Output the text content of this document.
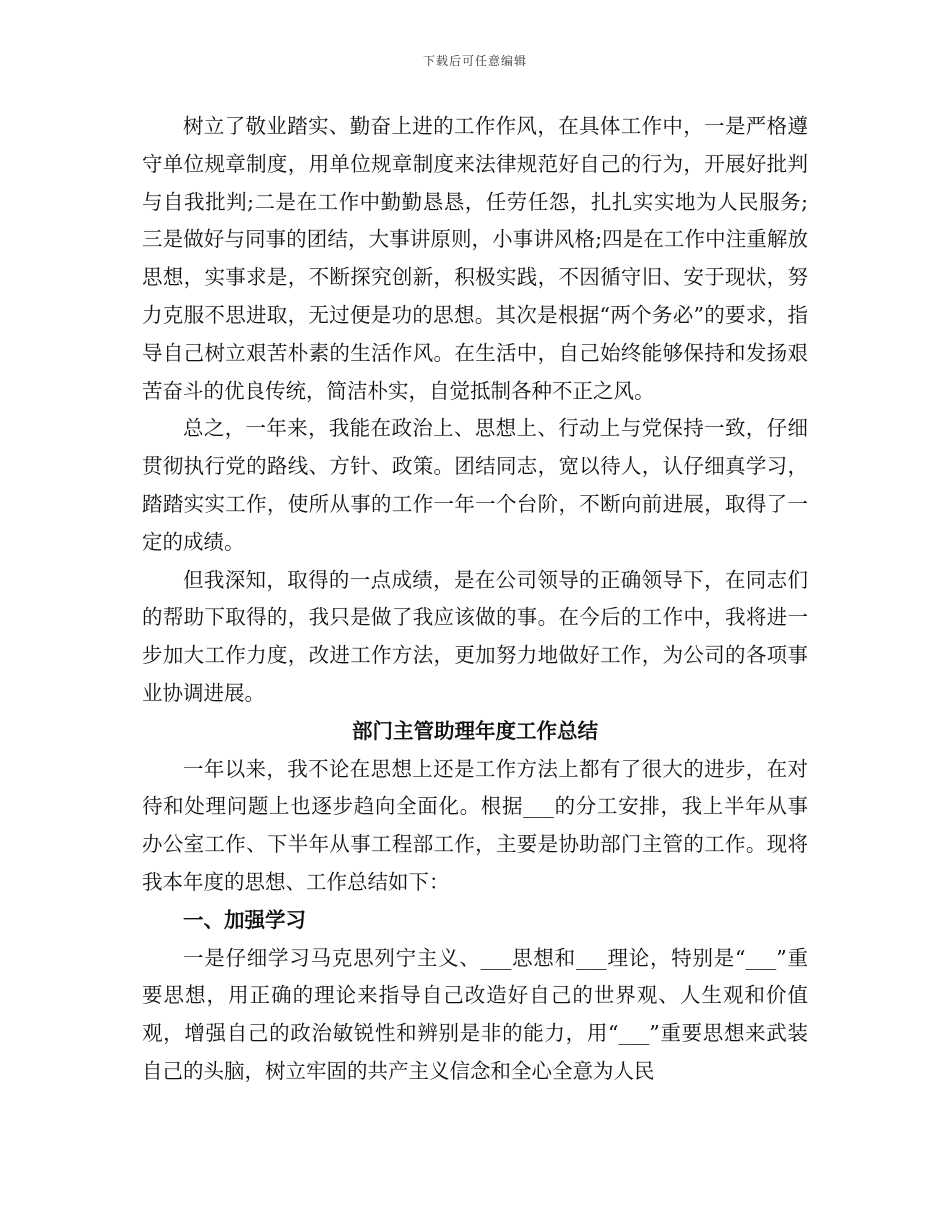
下载后可任意编辑

树立了敬业踏实、勤奋上进的工作作风，在具体工作中，一是严格遵守单位规章制度，用单位规章制度来法律规范好自己的行为，开展好批判与自我批判;二是在工作中勤勤恳恳，任劳任怨，扎扎实实地为人民服务;三是做好与同事的团结，大事讲原则，小事讲风格;四是在工作中注重解放思想，实事求是，不断探究创新，积极实践，不因循守旧、安于现状，努力克服不思进取，无过便是功的思想。其次是根据“两个务必”的要求，指导自己树立艰苦朴素的生活作风。在生活中，自己始终能够保持和发扬艰苦奋斗的优良传统，简洁朴实，自觉抵制各种不正之风。

总之，一年来，我能在政治上、思想上、行动上与党保持一致，仔细贯彻执行党的路线、方针、政策。团结同志，宽以待人，认仔细真学习，踏踏实实工作，使所从事的工作一年一个台阶，不断向前进展，取得了一定的成绩。

但我深知，取得的一点成绩，是在公司领导的正确领导下，在同志们的帮助下取得的，我只是做了我应该做的事。在今后的工作中，我将进一步加大工作力度，改进工作方法，更加努力地做好工作，为公司的各项事业协调进展。

部门主管助理年度工作总结

一年以来，我不论在思想上还是工作方法上都有了很大的进步，在对待和处理问题上也逐步趋向全面化。根据___的分工安排，我上半年从事办公室工作、下半年从事工程部工作，主要是协助部门主管的工作。现将我本年度的思想、工作总结如下：

一、加强学习

一是仔细学习马克思列宁主义、___思想和___理论，特别是“___”重要思想，用正确的理论来指导自己改造好自己的世界观、人生观和价值观，增强自己的政治敏锐性和辨别是非的能力，用“___”重要思想来武装自己的头脑，树立牢固的共产主义信念和全心全意为人民
